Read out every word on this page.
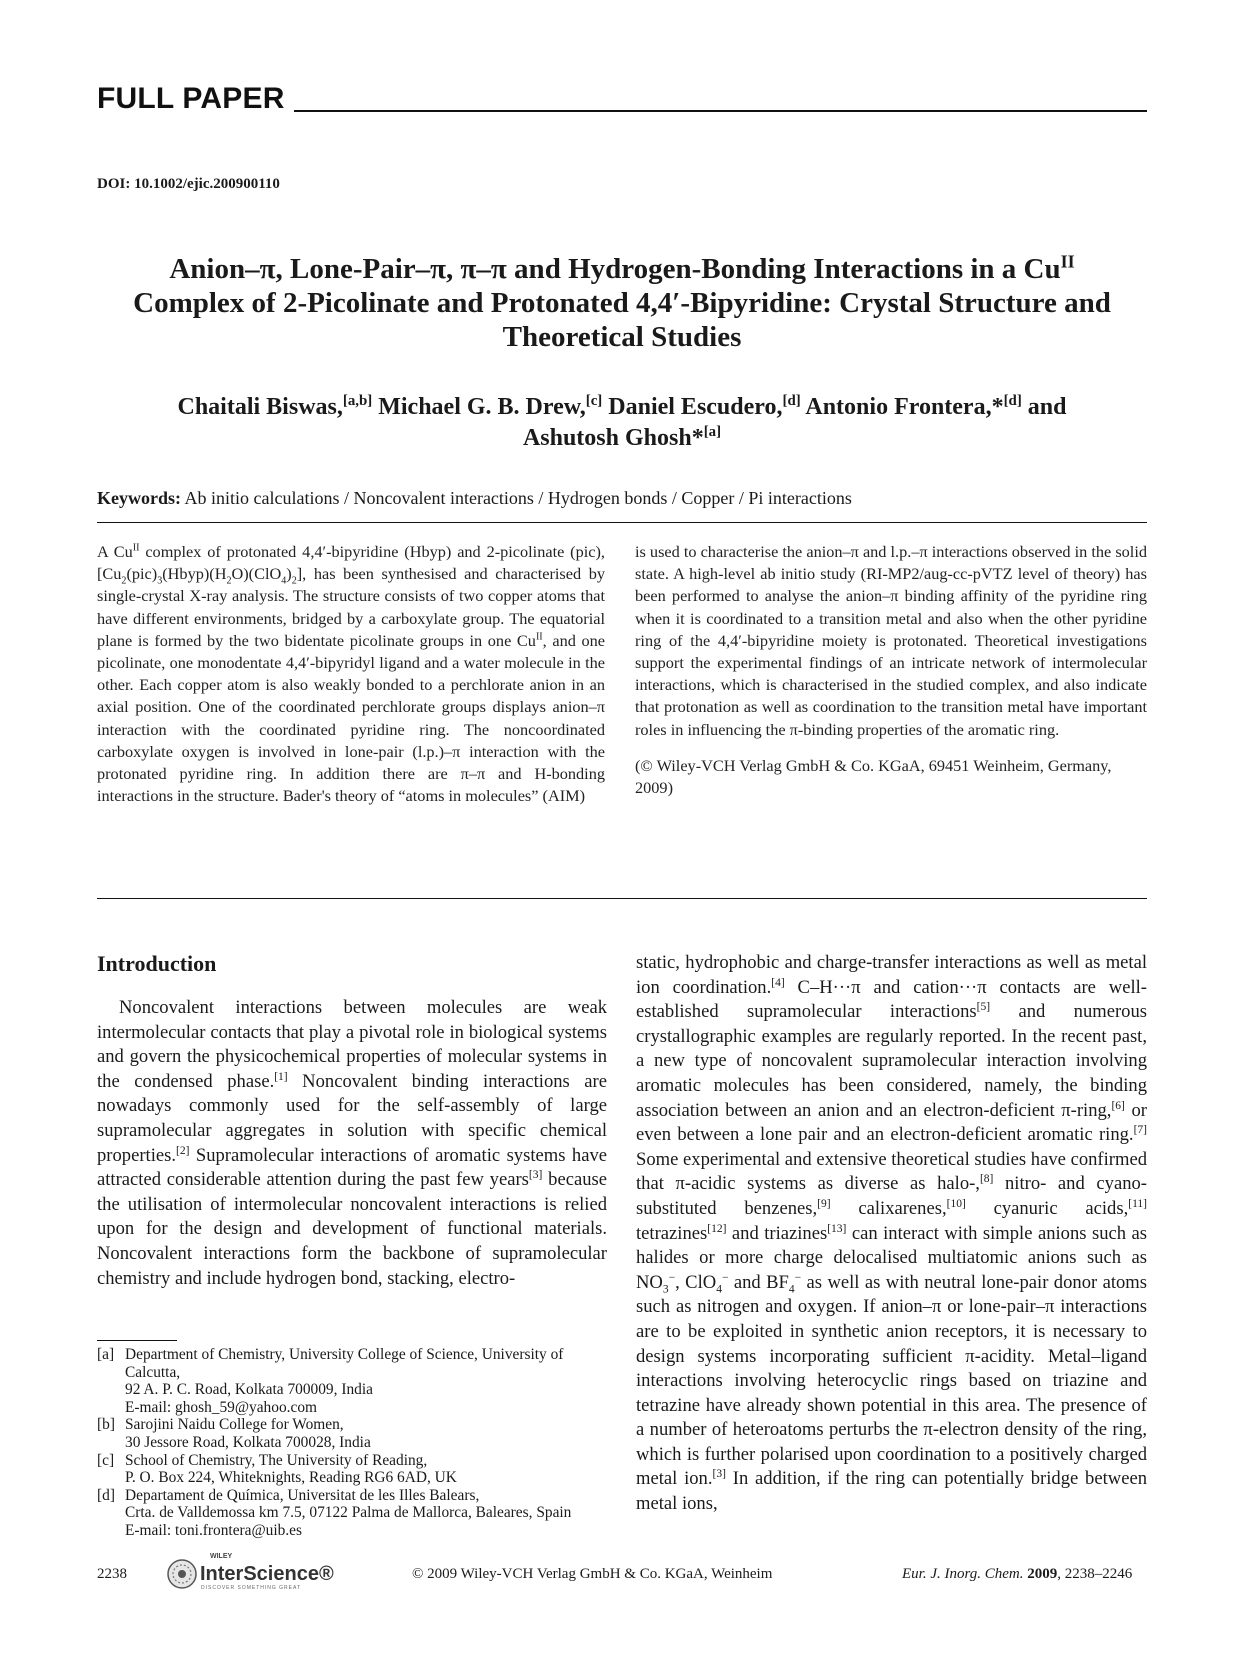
FULL PAPER
DOI: 10.1002/ejic.200900110
Anion–π, Lone-Pair–π, π–π and Hydrogen-Bonding Interactions in a $Cu^{II}$
Complex of 2-Picolinate and Protonated 4,4′-Bipyridine: Crystal Structure and
Theoretical Studies
Chaitali Biswas,[a,b] Michael G. B. Drew,[c] Daniel Escudero,[d] Antonio Frontera,*[d] and
Ashutosh Ghosh*[a]
Keywords: Ab initio calculations / Noncovalent interactions / Hydrogen bonds / Copper / Pi interactions
A $Cu^{II}$ complex of protonated 4,4′-bipyridine (Hbyp) and 2-picolinate (pic), $[Cu_2(pic)_3(Hbyp)(H_2O)(ClO_4)_2]$, has been synthesised and characterised by single-crystal X-ray analysis. The structure consists of two copper atoms that have different environments, bridged by a carboxylate group. The equatorial plane is formed by the two bidentate picolinate groups in one $Cu^{II}$, and one picolinate, one monodentate 4,4′-bipyridyl ligand and a water molecule in the other. Each copper atom is also weakly bonded to a perchlorate anion in an axial position. One of the coordinated perchlorate groups displays anion–π interaction with the coordinated pyridine ring. The noncoordinated carboxylate oxygen is involved in lone-pair (l.p.)–π interaction with the protonated pyridine ring. In addition there are π–π and H-bonding interactions in the structure. Bader's theory of “atoms in molecules” (AIM)

is used to characterise the anion–π and l.p.–π interactions observed in the solid state. A high-level ab initio study (RI-MP2/aug-cc-pVTZ level of theory) has been performed to analyse the anion–π binding affinity of the pyridine ring when it is coordinated to a transition metal and also when the other pyridine ring of the 4,4′-bipyridine moiety is protonated. Theoretical investigations support the experimental findings of an intricate network of intermolecular interactions, which is characterised in the studied complex, and also indicate that protonation as well as coordination to the transition metal have important roles in influencing the π-binding properties of the aromatic ring.

(© Wiley-VCH Verlag GmbH & Co. KGaA, 69451 Weinheim, Germany, 2009)

Introduction
Noncovalent interactions between molecules are weak intermolecular contacts that play a pivotal role in biological systems and govern the physicochemical properties of molecular systems in the condensed phase.[1] Noncovalent binding interactions are nowadays commonly used for the self-assembly of large supramolecular aggregates in solution with specific chemical properties.[2] Supramolecular interactions of aromatic systems have attracted considerable attention during the past few years[3] because the utilisation of intermolecular noncovalent interactions is relied upon for the design and development of functional materials. Noncovalent interactions form the backbone of supramolecular chemistry and include hydrogen bond, stacking, electro-
static, hydrophobic and charge-transfer interactions as well as metal ion coordination.[4] C–H···π and cation···π contacts are well-established supramolecular interactions[5] and numerous crystallographic examples are regularly reported. In the recent past, a new type of noncovalent supramolecular interaction involving aromatic molecules has been considered, namely, the binding association between an anion and an electron-deficient π-ring,[6] or even between a lone pair and an electron-deficient aromatic ring.[7] Some experimental and extensive theoretical studies have confirmed that π-acidic systems as diverse as halo-,[8] nitro- and cyano-substituted benzenes,[9] calixarenes,[10] cyanuric acids,[11] tetrazines[12] and triazines[13] can interact with simple anions such as halides or more charge delocalised multiatomic anions such as $NO_3^-$, ClO$_4$− and $BF_4^-$ as well as with neutral lone-pair donor atoms such as nitrogen and oxygen. If anion–π or lone-pair–π interactions are to be exploited in synthetic anion receptors, it is necessary to design systems incorporating sufficient π-acidity. Metal–ligand interactions involving heterocyclic rings based on triazine and tetrazine have already shown potential in this area. The presence of a number of heteroatoms perturbs the π-electron density of the ring, which is further polarised upon coordination to a positively charged metal ion.[3] In addition, if the ring can potentially bridge between metal ions,
[a] Department of Chemistry, University College of Science, University of Calcutta,
92 A. P. C. Road, Kolkata 700009, India
E-mail: ghosh_59@yahoo.com
[b] Sarojini Naidu College for Women,
30 Jessore Road, Kolkata 700028, India
[c] School of Chemistry, The University of Reading,
P. O. Box 224, Whiteknights, Reading RG6 6AD, UK
[d] Departament de Química, Universitat de les Illes Balears,
Crta. de Valldemossa km 7.5, 07122 Palma de Mallorca, Baleares, Spain
E-mail: toni.frontera@uib.es
2238
WILEY
InterScience®
DISCOVER SOMETHING GREAT
© 2009 Wiley-VCH Verlag GmbH & Co. KGaA, Weinheim	Eur. J. Inorg. Chem. 2009, 2238–2246
